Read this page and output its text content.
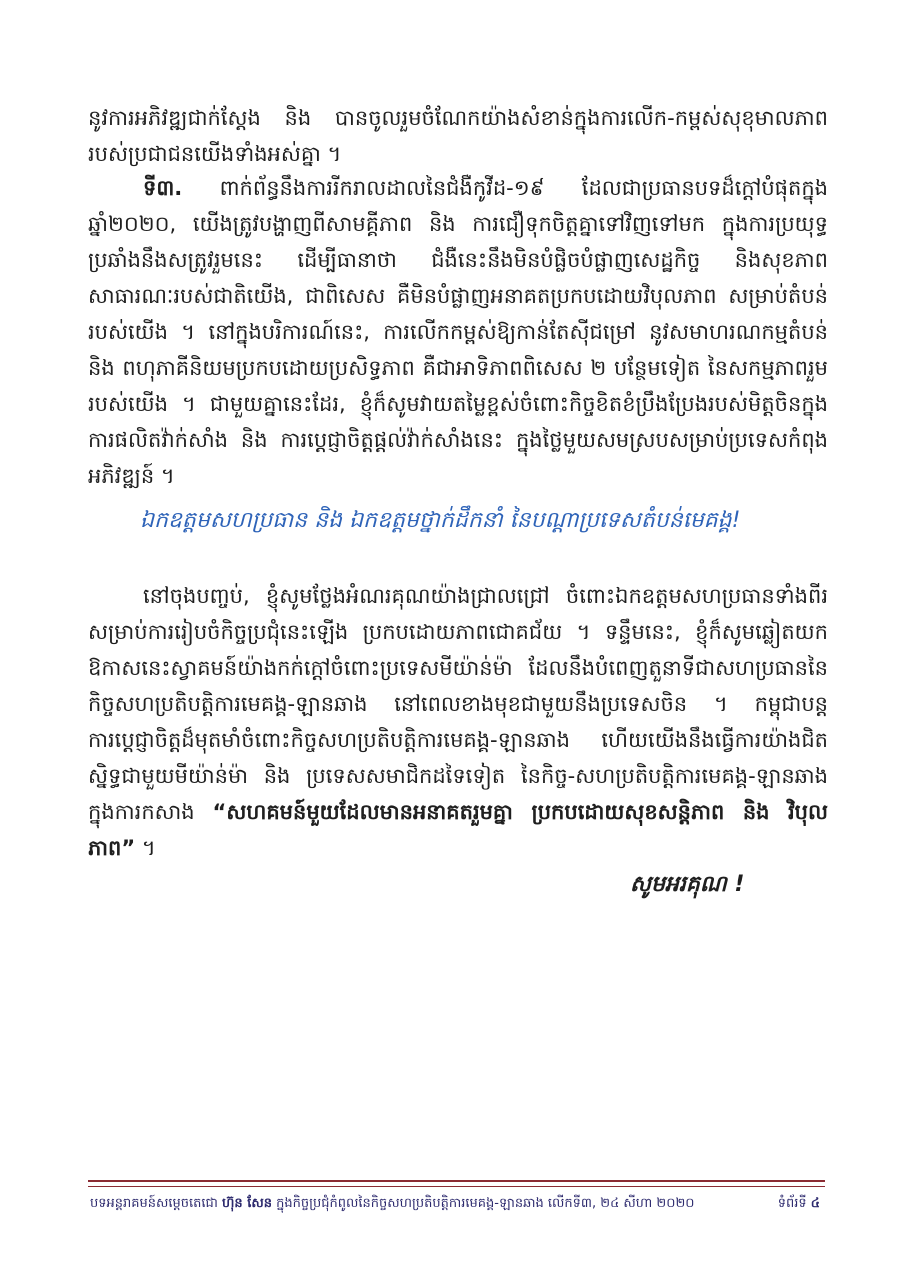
នូវការអភិវឌ្ឍជាក់ស្តែង និង បានចូលរួមចំណែកយ៉ាងសំខាន់ក្នុងការលើក-កម្ពស់សុខុមាលភាពរបស់ប្រជាជនយើងទាំងអស់គ្នា ។

ទី៣. ពាក់ព័ន្ធនឹងការរីករាលដាលនៃជំងឺកូវីដ-១៩ ដែលជាប្រធានបទដ៏ក្តៅបំផុតក្នុងឆ្នាំ២០២០, យើងត្រូវបង្ហាញពីសាមគ្គីភាព និង ការជឿទុកចិត្តគ្នាទៅវិញទៅមក ក្នុងការប្រយុទ្ធប្រឆាំងនឹងសត្រូវរួមនេះ ដើម្បីធានាថា ជំងឺនេះនឹងមិនបំផ្លិចបំផ្លាញសេដ្ឋកិច្ច និងសុខភាពសាធារណៈរបស់ជាតិយើង, ជាពិសេស គឺមិនបំផ្លាញអនាគតប្រកបដោយវិបុលភាព សម្រាប់តំបន់របស់យើង ។ នៅក្នុងបរិការណ៍នេះ, ការលើកកម្ពស់ឱ្យកាន់តែស៊ីជម្រៅ នូវសមាហរណកម្មតំបន់ និង ពហុភាគីនិយមប្រកបដោយប្រសិទ្ធភាព គឺជាអាទិភាពពិសេស ២ បន្ថែមទៀត នៃសកម្មភាពរួមរបស់យើង ។ ជាមួយគ្នានេះដែរ, ខ្ញុំក៏សូមវាយតម្លៃខ្ពស់ចំពោះកិច្ចខិតខំប្រឹងប្រែងរបស់មិត្តចិនក្នុងការផលិតវ៉ាក់សាំង និង ការប្តេជ្ញាចិត្តផ្តល់វ៉ាក់សាំងនេះ ក្នុងថ្លៃមួយសមស្របសម្រាប់ប្រទេសកំពុងអភិវឌ្ឍន៍ ។

ឯកឧត្តមសហប្រធាន និង ឯកឧត្តមថ្នាក់ដឹកនាំ នៃបណ្តាប្រទេសតំបន់មេគង្គ!

នៅចុងបញ្ចប់, ខ្ញុំសូមថ្លែងអំណរគុណយ៉ាងជ្រាលជ្រៅ ចំពោះឯកឧត្តមសហប្រធានទាំងពីរ សម្រាប់ការរៀបចំកិច្ចប្រជុំនេះឡើង ប្រកបដោយភាពជោគជ័យ ។ ទន្ទឹមនេះ, ខ្ញុំក៏សូមឆ្លៀតយកឱកាសនេះស្វាគមន៍យ៉ាងកក់ក្តៅចំពោះប្រទេសមីយ៉ាន់ម៉ា ដែលនឹងបំពេញតួនាទីជាសហប្រធាននៃកិច្ចសហប្រតិបត្តិការមេគង្គ-ឡានឆាង នៅពេលខាងមុខជាមួយនឹងប្រទេសចិន ។ កម្ពុជាបន្តការប្តេជ្ញាចិត្តដ៏មុតមាំចំពោះកិច្ចសហប្រតិបត្តិការមេគង្គ-ឡានឆាង ហើយយើងនឹងធ្វើការយ៉ាងជិតស្និទ្ធជាមួយមីយ៉ាន់ម៉ា និង ប្រទេសសមាជិកដទៃទៀត នៃកិច្ច-សហប្រតិបត្តិការមេគង្គ-ឡានឆាង ក្នុងការកសាង “សហគមន៍មួយដែលមានអនាគតរួមគ្នា ប្រកបដោយសុខសន្តិភាព និង វិបុលភាព” ។

សូមអរគុណ !

បទអន្តរាគមន៍សម្តេចតេជោ ហ៊ុន សែន ក្នុងកិច្ចប្រជុំកំពូលនៃកិច្ចសហប្រតិបត្តិការមេគង្គ-ឡានឆាង លើកទី៣, ២៤ សីហា ២០២០	ទំព័រទី ៤
